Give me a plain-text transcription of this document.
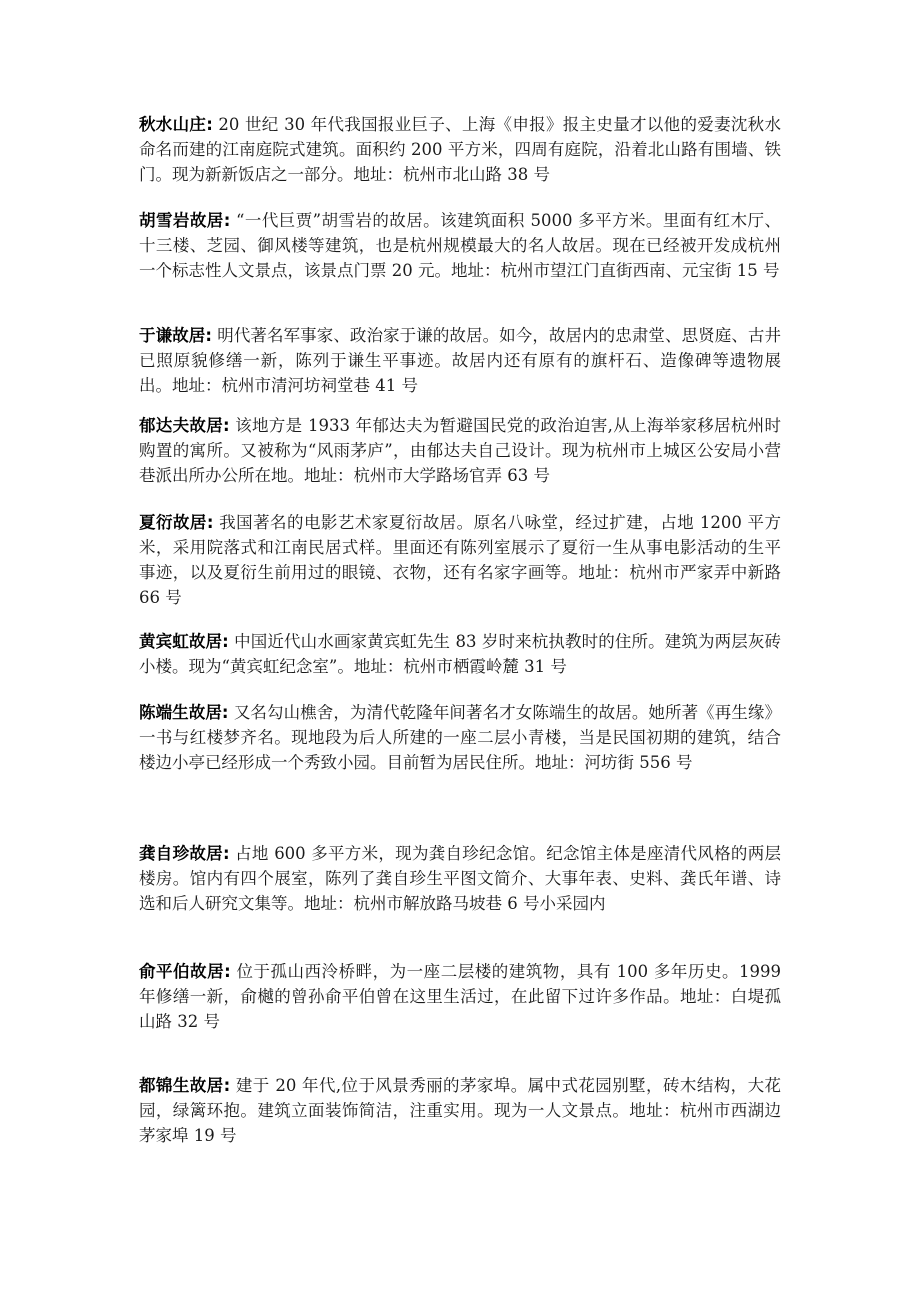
秋水山庄: 20 世纪 30 年代我国报业巨子、上海《申报》报主史量才以他的爱妻沈秋水命名而建的江南庭院式建筑。面积约 200 平方米，四周有庭院，沿着北山路有围墙、铁门。现为新新饭店之一部分。地址：杭州市北山路 38 号

胡雪岩故居: “一代巨贾”胡雪岩的故居。该建筑面积 5000 多平方米。里面有红木厅、十三楼、芝园、御风楼等建筑，也是杭州规模最大的名人故居。现在已经被开发成杭州一个标志性人文景点，该景点门票 20 元。地址：杭州市望江门直街西南、元宝街 15 号

于谦故居: 明代著名军事家、政治家于谦的故居。如今，故居内的忠肃堂、思贤庭、古井已照原貌修缮一新，陈列于谦生平事迹。故居内还有原有的旗杆石、造像碑等遗物展出。地址：杭州市清河坊祠堂巷 41 号

郁达夫故居: 该地方是 1933 年郁达夫为暂避国民党的政治迫害,从上海举家移居杭州时购置的寓所。又被称为“风雨茅庐”，由郁达夫自己设计。现为杭州市上城区公安局小营巷派出所办公所在地。地址：杭州市大学路场官弄 63 号

夏衍故居: 我国著名的电影艺术家夏衍故居。原名八咏堂，经过扩建，占地 1200 平方米，采用院落式和江南民居式样。里面还有陈列室展示了夏衍一生从事电影活动的生平事迹，以及夏衍生前用过的眼镜、衣物，还有名家字画等。地址：杭州市严家弄中新路 66 号

黄宾虹故居: 中国近代山水画家黄宾虹先生 83 岁时来杭执教时的住所。建筑为两层灰砖小楼。现为“黄宾虹纪念室”。地址：杭州市栖霞岭麓 31 号

陈端生故居: 又名勾山樵舍，为清代乾隆年间著名才女陈端生的故居。她所著《再生缘》一书与红楼梦齐名。现地段为后人所建的一座二层小青楼，当是民国初期的建筑，结合楼边小亭已经形成一个秀致小园。目前暂为居民住所。地址：河坊街 556 号

龚自珍故居: 占地 600 多平方米，现为龚自珍纪念馆。纪念馆主体是座清代风格的两层楼房。馆内有四个展室，陈列了龚自珍生平图文简介、大事年表、史料、龚氏年谱、诗选和后人研究文集等。地址：杭州市解放路马坡巷 6 号小采园内

俞平伯故居: 位于孤山西泠桥畔，为一座二层楼的建筑物，具有 100 多年历史。1999 年修缮一新，俞樾的曾孙俞平伯曾在这里生活过，在此留下过许多作品。地址：白堤孤山路 32 号

都锦生故居: 建于 20 年代,位于风景秀丽的茅家埠。属中式花园别墅，砖木结构，大花园，绿篱环抱。建筑立面装饰简洁，注重实用。现为一人文景点。地址：杭州市西湖边茅家埠 19 号
